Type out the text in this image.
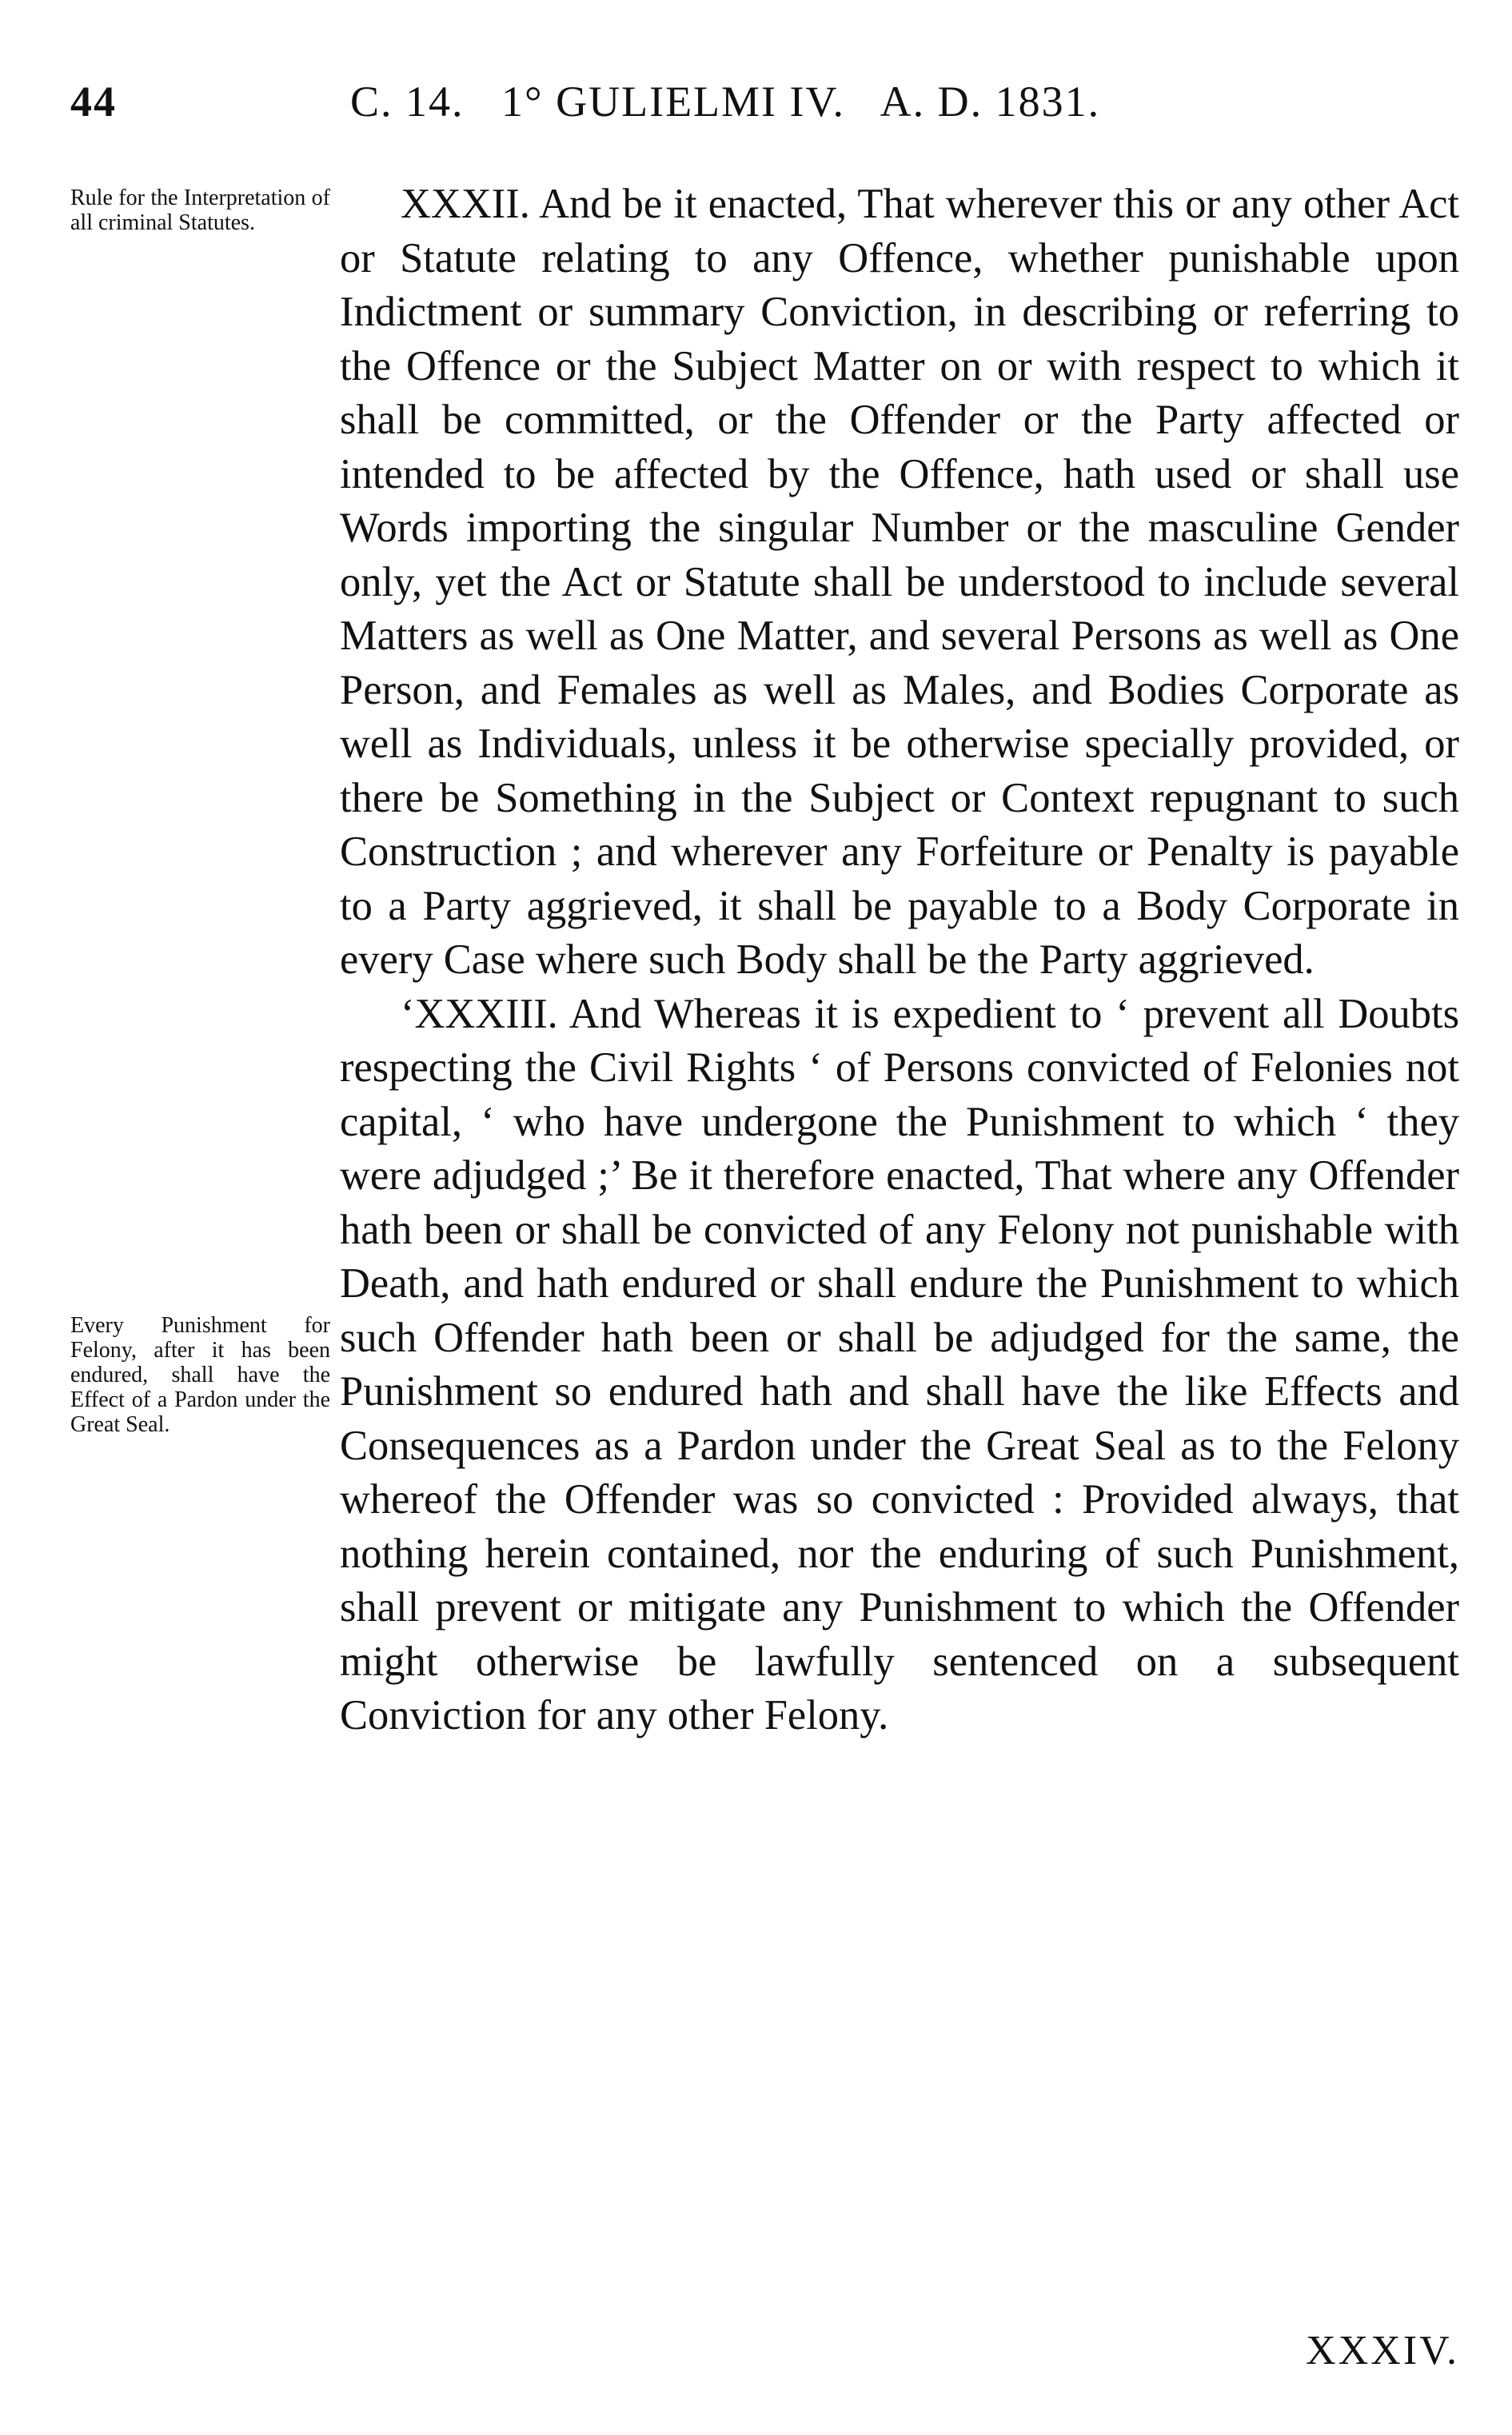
44	C. 14.   1° GULIELMI IV.   A. D. 1831.
Rule for the Interpretation of all criminal Statutes.
Every Punishment for Felony, after it has been endured, shall have the Effect of a Pardon under the Great Seal.

XXXII. And be it enacted, That wherever this or any other Act or Statute relating to any Offence, whether punishable upon Indictment or summary Conviction, in describing or referring to the Offence or the Subject Matter on or with respect to which it shall be committed, or the Offender or the Party affected or intended to be affected by the Offence, hath used or shall use Words importing the singular Number or the masculine Gender only, yet the Act or Statute shall be understood to include several Matters as well as One Matter, and several Persons as well as One Person, and Females as well as Males, and Bodies Corporate as well as Individuals, unless it be otherwise specially provided, or there be Something in the Subject or Context repugnant to such Construction ; and wherever any Forfeiture or Penalty is payable to a Party aggrieved, it shall be payable to a Body Corporate in every Case where such Body shall be the Party aggrieved.

‘XXXIII. And Whereas it is expedient to ‘ prevent all Doubts respecting the Civil Rights ‘ of Persons convicted of Felonies not capital, ‘ who have undergone the Punishment to which ‘ they were adjudged ;’ Be it therefore enacted, That where any Offender hath been or shall be convicted of any Felony not punishable with Death, and hath endured or shall endure the Punishment to which such Offender hath been or shall be adjudged for the same, the Punishment so endured hath and shall have the like Effects and Consequences as a Pardon under the Great Seal as to the Felony whereof the Offender was so convicted : Provided always, that nothing herein contained, nor the enduring of such Punishment, shall prevent or mitigate any Punishment to which the Offender might otherwise be lawfully sentenced on a subsequent Conviction for any other Felony.

XXXIV.
